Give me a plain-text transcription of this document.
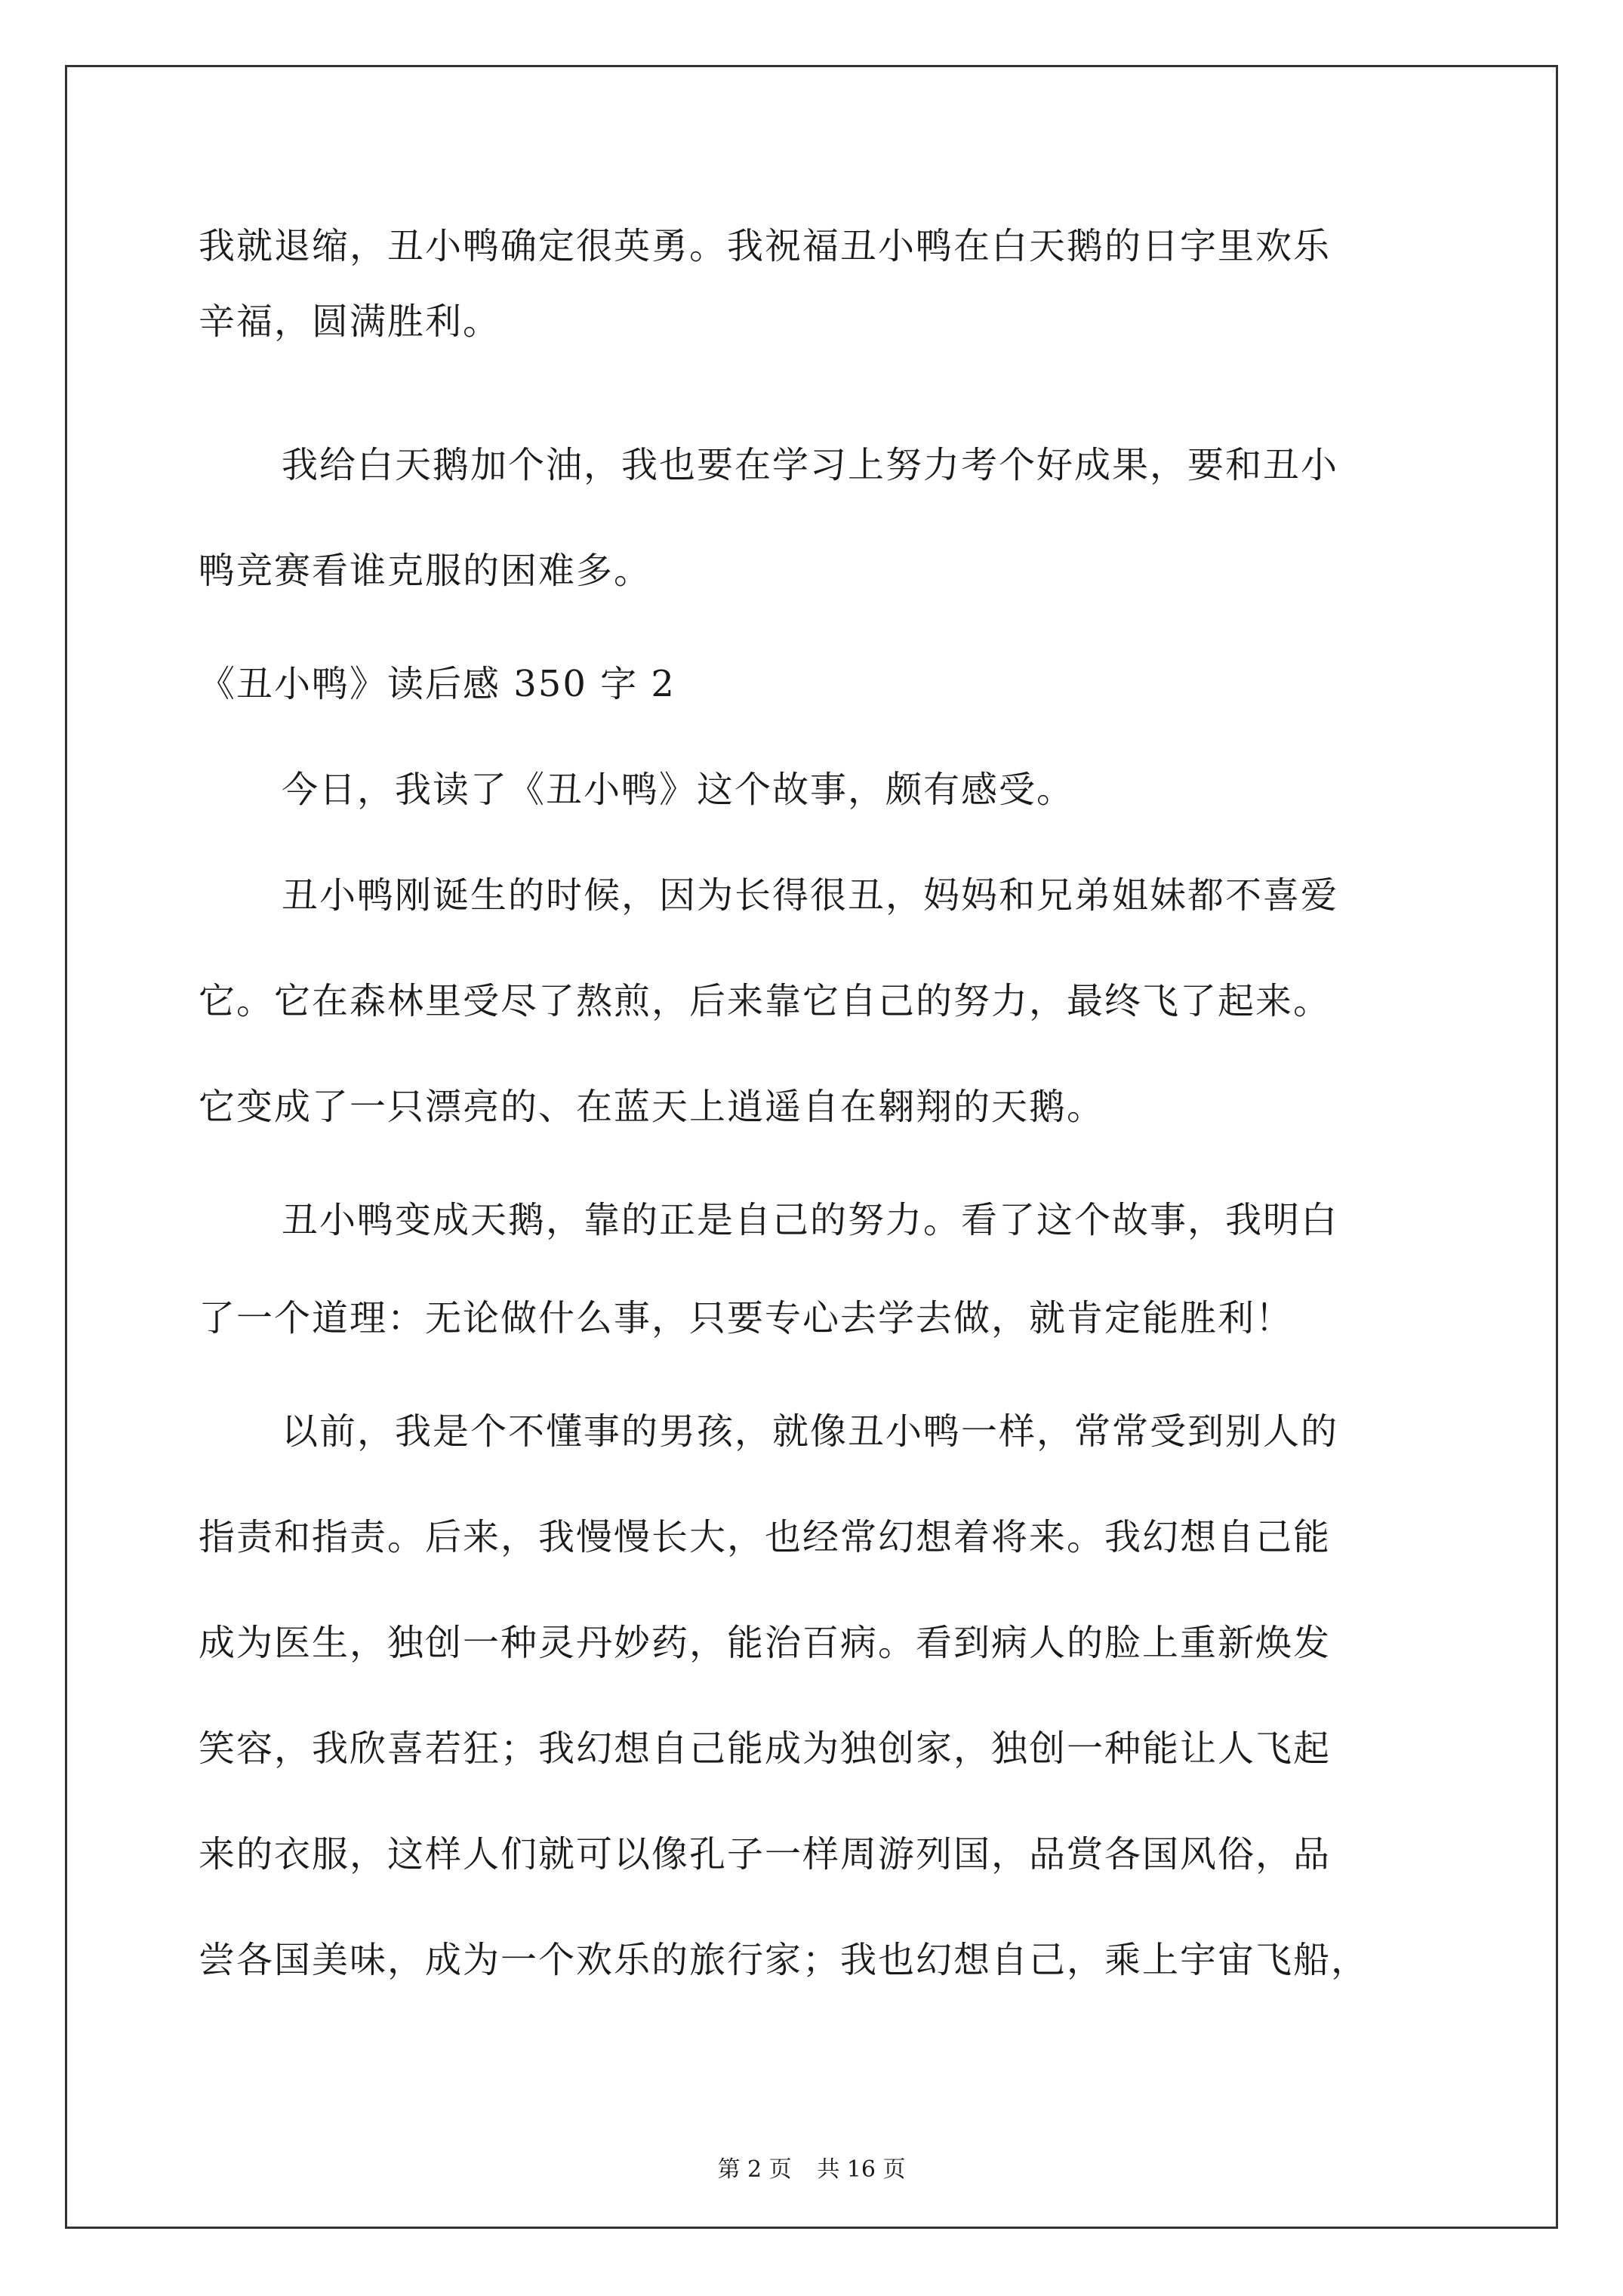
我就退缩，丑小鸭确定很英勇。我祝福丑小鸭在白天鹅的日字里欢乐
辛福，圆满胜利。
我给白天鹅加个油，我也要在学习上努力考个好成果，要和丑小
鸭竞赛看谁克服的困难多。
《丑小鸭》读后感 350 字 2
今日，我读了《丑小鸭》这个故事，颇有感受。
丑小鸭刚诞生的时候，因为长得很丑，妈妈和兄弟姐妹都不喜爱
它。它在森林里受尽了熬煎，后来靠它自己的努力，最终飞了起来。
它变成了一只漂亮的、在蓝天上逍遥自在翱翔的天鹅。
丑小鸭变成天鹅，靠的正是自己的努力。看了这个故事，我明白
了一个道理：无论做什么事，只要专心去学去做，就肯定能胜利！
以前，我是个不懂事的男孩，就像丑小鸭一样，常常受到别人的
指责和指责。后来，我慢慢长大，也经常幻想着将来。我幻想自己能
成为医生，独创一种灵丹妙药，能治百病。看到病人的脸上重新焕发
笑容，我欣喜若狂；我幻想自己能成为独创家，独创一种能让人飞起
来的衣服，这样人们就可以像孔子一样周游列国，品赏各国风俗，品
尝各国美味，成为一个欢乐的旅行家；我也幻想自己，乘上宇宙飞船，
第 2 页 共 16 页
